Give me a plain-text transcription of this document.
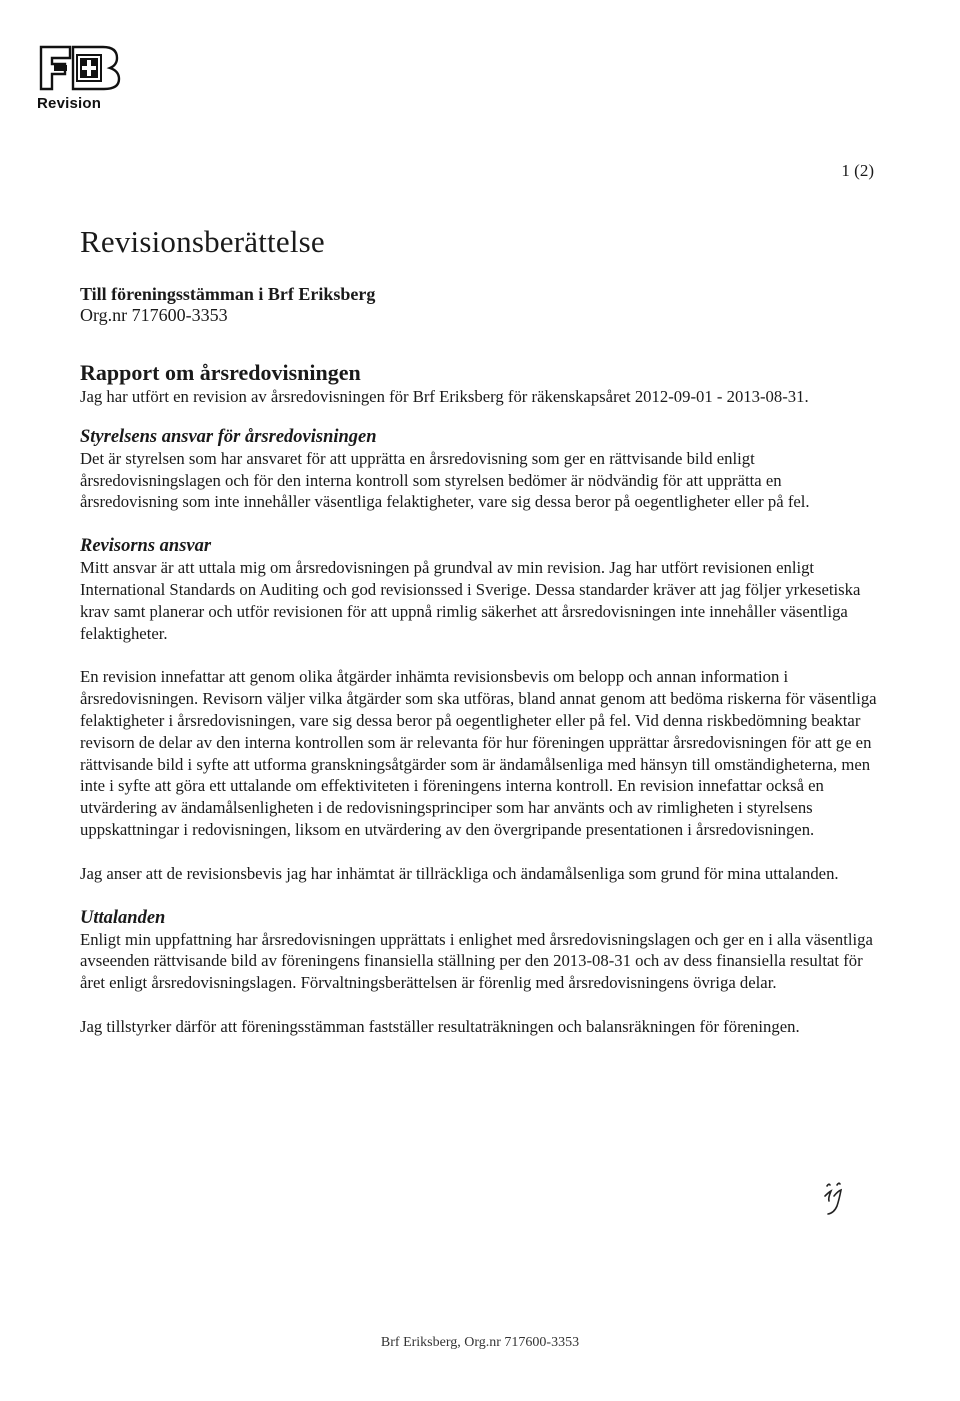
Revision
1 (2)
Revisionsberättelse
Till föreningsstämman i Brf Eriksberg
Org.nr 717600-3353
Rapport om årsredovisningen

Jag har utfört en revision av årsredovisningen för Brf Eriksberg för räkenskapsåret 2012-09-01 - 2013-08-31.

Styrelsens ansvar för årsredovisningen

Det är styrelsen som har ansvaret för att upprätta en årsredovisning som ger en rättvisande bild enligt årsredovisningslagen och för den interna kontroll som styrelsen bedömer är nödvändig för att upprätta en årsredovisning som inte innehåller väsentliga felaktigheter, vare sig dessa beror på oegentligheter eller på fel.

Revisorns ansvar

Mitt ansvar är att uttala mig om årsredovisningen på grundval av min revision. Jag har utfört revisionen enligt International Standards on Auditing och god revisionssed i Sverige. Dessa standarder kräver att jag följer yrkesetiska krav samt planerar och utför revisionen för att uppnå rimlig säkerhet att årsredovisningen inte innehåller väsentliga felaktigheter.

En revision innefattar att genom olika åtgärder inhämta revisionsbevis om belopp och annan information i årsredovisningen. Revisorn väljer vilka åtgärder som ska utföras, bland annat genom att bedöma riskerna för väsentliga felaktigheter i årsredovisningen, vare sig dessa beror på oegentligheter eller på fel. Vid denna riskbedömning beaktar revisorn de delar av den interna kontrollen som är relevanta för hur föreningen upprättar årsredovisningen för att ge en rättvisande bild i syfte att utforma granskningsåtgärder som är ändamålsenliga med hänsyn till omständigheterna, men inte i syfte att göra ett uttalande om effektiviteten i föreningens interna kontroll. En revision innefattar också en utvärdering av ändamålsenligheten i de redovisningsprinciper som har använts och av rimligheten i styrelsens uppskattningar i redovisningen, liksom en utvärdering av den övergripande presentationen i årsredovisningen.

Jag anser att de revisionsbevis jag har inhämtat är tillräckliga och ändamålsenliga som grund för mina uttalanden.

Uttalanden

Enligt min uppfattning har årsredovisningen upprättats i enlighet med årsredovisningslagen och ger en i alla väsentliga avseenden rättvisande bild av föreningens finansiella ställning per den 2013-08-31 och av dess finansiella resultat för året enligt årsredovisningslagen. Förvaltningsberättelsen är förenlig med årsredovisningens övriga delar.

Jag tillstyrker därför att föreningsstämman fastställer resultaträkningen och balansräkningen för föreningen.

Brf Eriksberg, Org.nr 717600-3353
